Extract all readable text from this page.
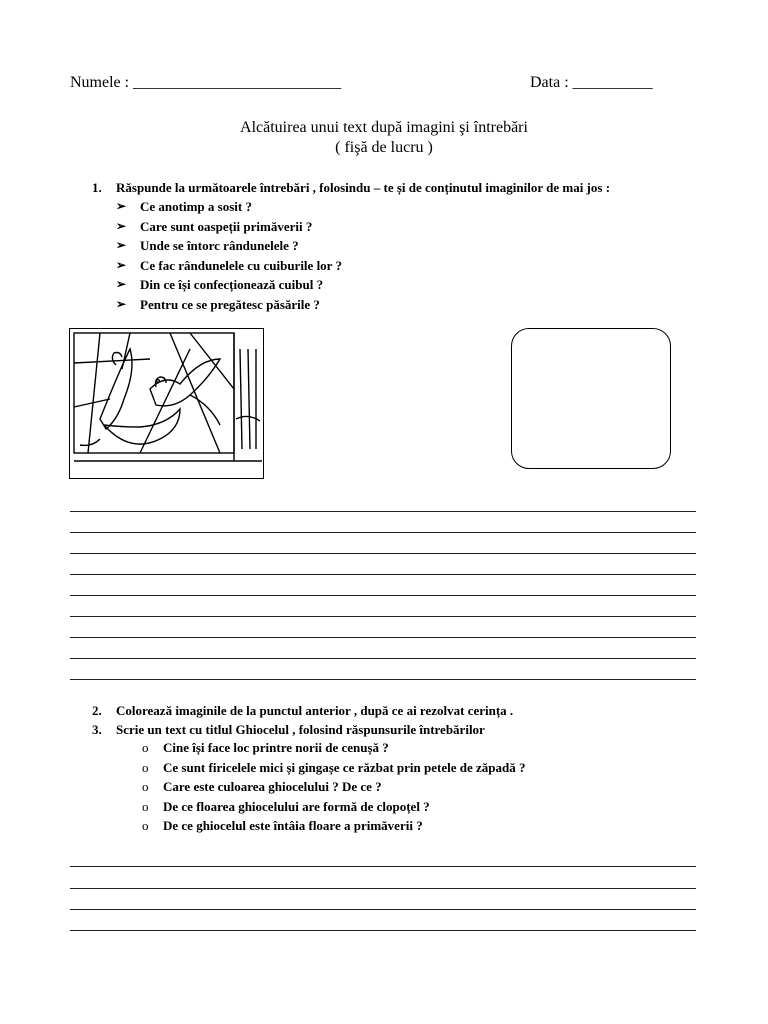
Numele : __________________________	Data : __________
Alcătuirea unui text după imagini şi întrebări
( fişă de lucru )
1. Răspunde la următoarele întrebări , folosindu – te și de conținutul imaginilor de mai jos :
➢ Ce anotimp a sosit ?
➢ Care sunt oaspeții primăverii ?
➢ Unde se întorc rândunelele ?
➢ Ce fac rândunelele cu cuiburile lor ?
➢ Din ce își confecționează cuibul ?
➢ Pentru ce se pregătesc păsările ?
2. Colorează imaginile de la punctul anterior , după ce ai rezolvat cerința .
3. Scrie un text cu titlul Ghiocelul , folosind răspunsurile întrebărilor
o Cine își face loc printre norii de cenușă ?
o Ce sunt firicelele mici și gingașe ce răzbat prin petele de zăpadă ?
o Care este culoarea ghiocelului ? De ce ?
o De ce floarea ghiocelului are formă de clopoțel ?
o De ce ghiocelul este întâia floare a primăverii ?
